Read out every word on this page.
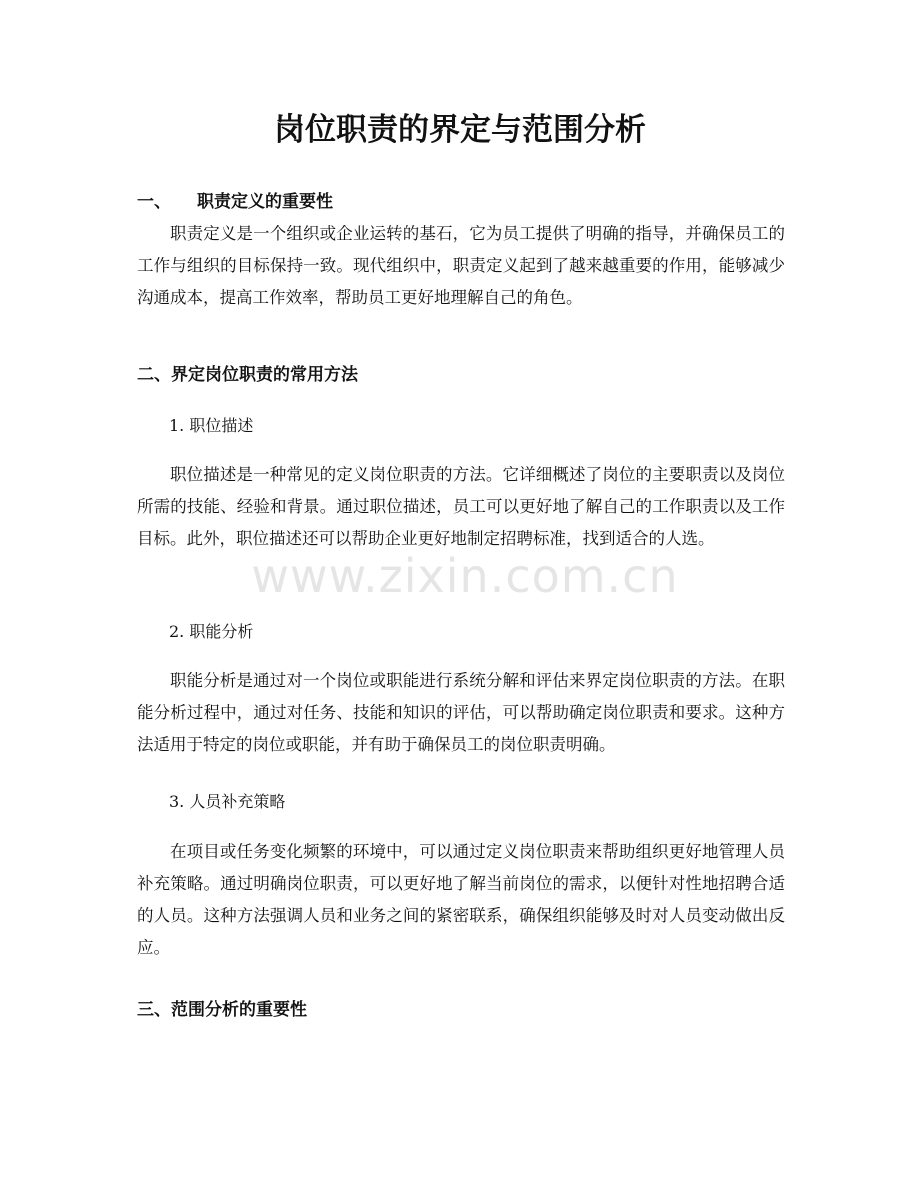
岗位职责的界定与范围分析
一、 职责定义的重要性

职责定义是一个组织或企业运转的基石，它为员工提供了明确的指导，并确保员工的工作与组织的目标保持一致。现代组织中，职责定义起到了越来越重要的作用，能够减少沟通成本，提高工作效率，帮助员工更好地理解自己的角色。

二、界定岗位职责的常用方法

1. 职位描述

职位描述是一种常见的定义岗位职责的方法。它详细概述了岗位的主要职责以及岗位所需的技能、经验和背景。通过职位描述，员工可以更好地了解自己的工作职责以及工作目标。此外，职位描述还可以帮助企业更好地制定招聘标准，找到适合的人选。

2. 职能分析

职能分析是通过对一个岗位或职能进行系统分解和评估来界定岗位职责的方法。在职能分析过程中，通过对任务、技能和知识的评估，可以帮助确定岗位职责和要求。这种方法适用于特定的岗位或职能，并有助于确保员工的岗位职责明确。

3. 人员补充策略

在项目或任务变化频繁的环境中，可以通过定义岗位职责来帮助组织更好地管理人员补充策略。通过明确岗位职责，可以更好地了解当前岗位的需求，以便针对性地招聘合适的人员。这种方法强调人员和业务之间的紧密联系，确保组织能够及时对人员变动做出反应。

三、范围分析的重要性
www.zixin.com.cn
